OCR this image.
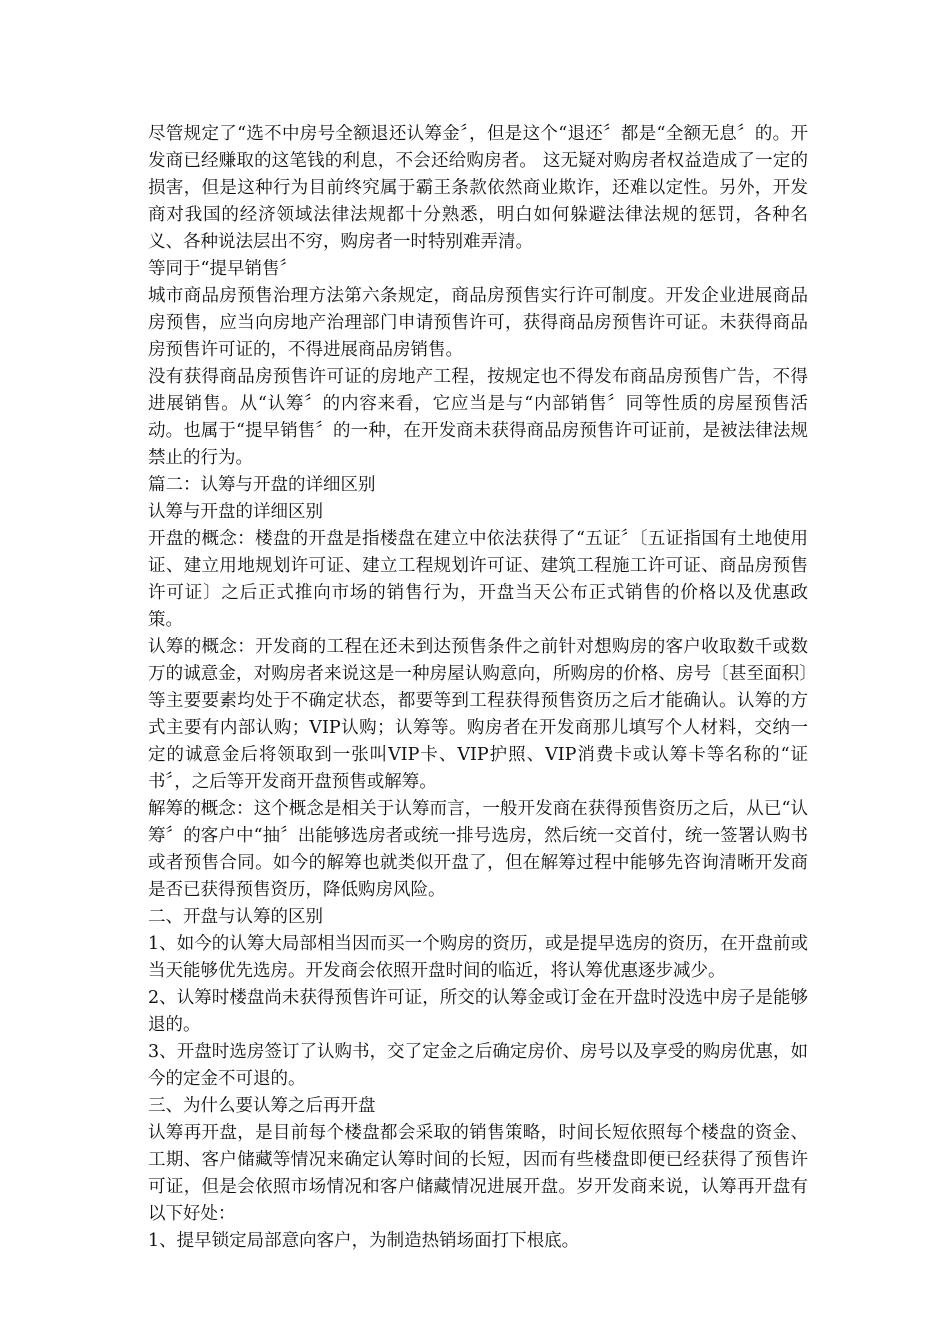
尽管规定了“选不中房号全额退还认筹金〞，但是这个“退还〞都是“全额无息〞的。开发商已经赚取的这笔钱的利息，不会还给购房者。 这无疑对购房者权益造成了一定的损害，但是这种行为目前终究属于霸王条款依然商业欺诈，还难以定性。另外，开发商对我国的经济领域法律法规都十分熟悉，明白如何躲避法律法规的惩罚，各种名义、各种说法层出不穷，购房者一时特别难弄清。

等同于“提早销售〞

城市商品房预售治理方法第六条规定，商品房预售实行许可制度。开发企业进展商品房预售，应当向房地产治理部门申请预售许可，获得商品房预售许可证。未获得商品房预售许可证的，不得进展商品房销售。

没有获得商品房预售许可证的房地产工程，按规定也不得发布商品房预售广告，不得进展销售。从“认筹〞的内容来看，它应当是与“内部销售〞同等性质的房屋预售活动。也属于“提早销售〞的一种，在开发商未获得商品房预售许可证前，是被法律法规禁止的行为。

篇二：认筹与开盘的详细区别

认筹与开盘的详细区别

开盘的概念：楼盘的开盘是指楼盘在建立中依法获得了“五证〞〔五证指国有土地使用证、建立用地规划许可证、建立工程规划许可证、建筑工程施工许可证、商品房预售许可证〕之后正式推向市场的销售行为，开盘当天公布正式销售的价格以及优惠政策。

认筹的概念：开发商的工程在还未到达预售条件之前针对想购房的客户收取数千或数万的诚意金，对购房者来说这是一种房屋认购意向，所购房的价格、房号〔甚至面积〕等主要要素均处于不确定状态，都要等到工程获得预售资历之后才能确认。认筹的方式主要有内部认购；VIP认购；认筹等。购房者在开发商那儿填写个人材料，交纳一定的诚意金后将领取到一张叫VIP卡、VIP护照、VIP消费卡或认筹卡等名称的“证书〞，之后等开发商开盘预售或解筹。

解筹的概念：这个概念是相关于认筹而言，一般开发商在获得预售资历之后，从已“认筹〞的客户中“抽〞出能够选房者或统一排号选房，然后统一交首付，统一签署认购书或者预售合同。如今的解筹也就类似开盘了，但在解筹过程中能够先咨询清晰开发商是否已获得预售资历，降低购房风险。

二、开盘与认筹的区别

1、如今的认筹大局部相当因而买一个购房的资历，或是提早选房的资历，在开盘前或当天能够优先选房。开发商会依照开盘时间的临近，将认筹优惠逐步减少。

2、认筹时楼盘尚未获得预售许可证，所交的认筹金或订金在开盘时没选中房子是能够退的。

3、开盘时选房签订了认购书，交了定金之后确定房价、房号以及享受的购房优惠，如今的定金不可退的。

三、为什么要认筹之后再开盘

认筹再开盘，是目前每个楼盘都会采取的销售策略，时间长短依照每个楼盘的资金、工期、客户储藏等情况来确定认筹时间的长短，因而有些楼盘即便已经获得了预售许可证，但是会依照市场情况和客户储藏情况进展开盘。岁开发商来说，认筹再开盘有以下好处：

1、提早锁定局部意向客户，为制造热销场面打下根底。
